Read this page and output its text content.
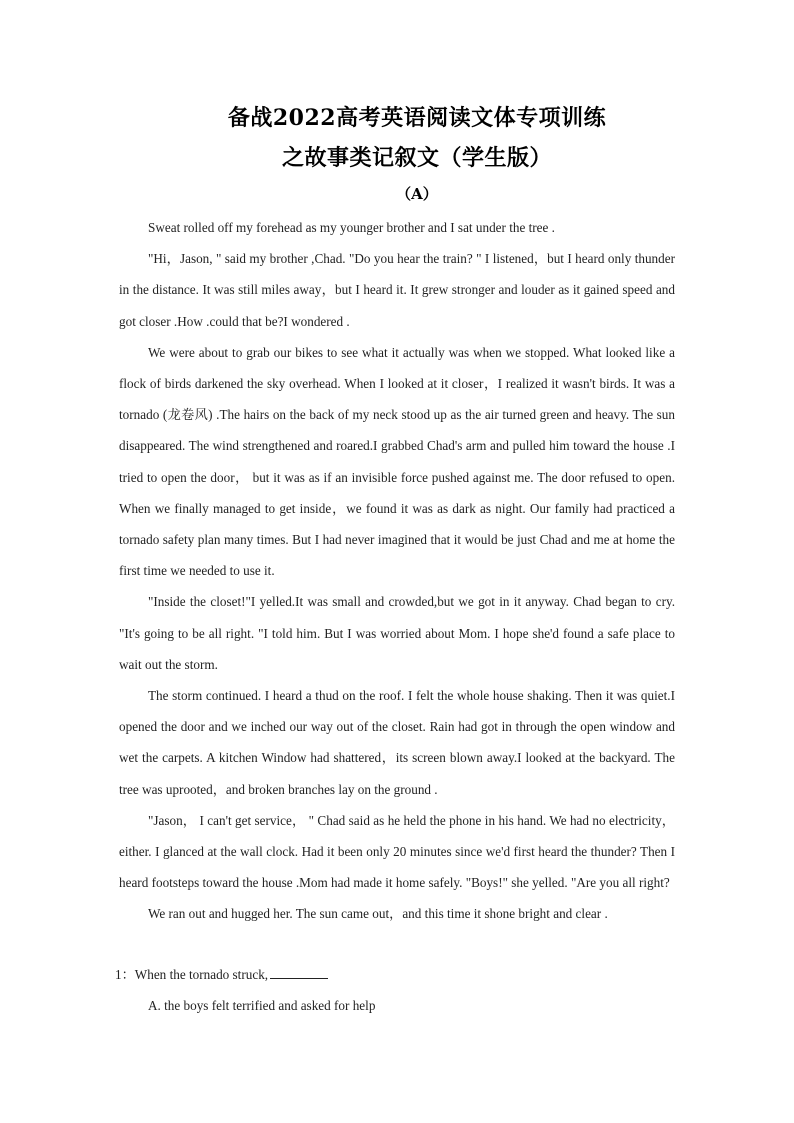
备战2022高考英语阅读文体专项训练
之故事类记叙文（学生版）
（A）

Sweat rolled off my forehead as my younger brother and I sat under the tree .

"Hi，Jason, " said my brother ,Chad. "Do you hear the train? " I listened，but I heard only thunder in the distance. It was still miles away，but I heard it. It grew stronger and louder as it gained speed and got closer .How .could that be?I wondered .

We were about to grab our bikes to see what it actually was when we stopped. What looked like a flock of birds darkened the sky overhead. When I looked at it closer，I realized it wasn't birds. It was a tornado (龙卷风) .The hairs on the back of my neck stood up as the air turned green and heavy. The sun disappeared. The wind strengthened and roared.I grabbed Chad's arm and pulled him toward the house .I tried to open the door， but it was as if an invisible force pushed against me. The door refused to open. When we finally managed to get inside，we found it was as dark as night. Our family had practiced a tornado safety plan many times. But I had never imagined that it would be just Chad and me at home the first time we needed to use it.

"Inside the closet!"I yelled.It was small and crowded,but we got in it anyway. Chad began to cry. "It's going to be all right. "I told him. But I was worried about Mom. I hope she'd found a safe place to wait out the storm.

The storm continued. I heard a thud on the roof. I felt the whole house shaking. Then it was quiet.I opened the door and we inched our way out of the closet. Rain had got in through the open window and wet the carpets. A kitchen Window had shattered，its screen blown away.I looked at the backyard. The tree was uprooted，and broken branches lay on the ground .

"Jason， I can't get service， " Chad said as he held the phone in his hand. We had no electricity，either. I glanced at the wall clock. Had it been only 20 minutes since we'd first heard the thunder? Then I heard footsteps toward the house .Mom had made it home safely. "Boys!" she yelled. "Are you all right?

We ran out and hugged her. The sun came out，and this time it shone bright and clear .

1：When the tornado struck,
A. the boys felt terrified and asked for help
